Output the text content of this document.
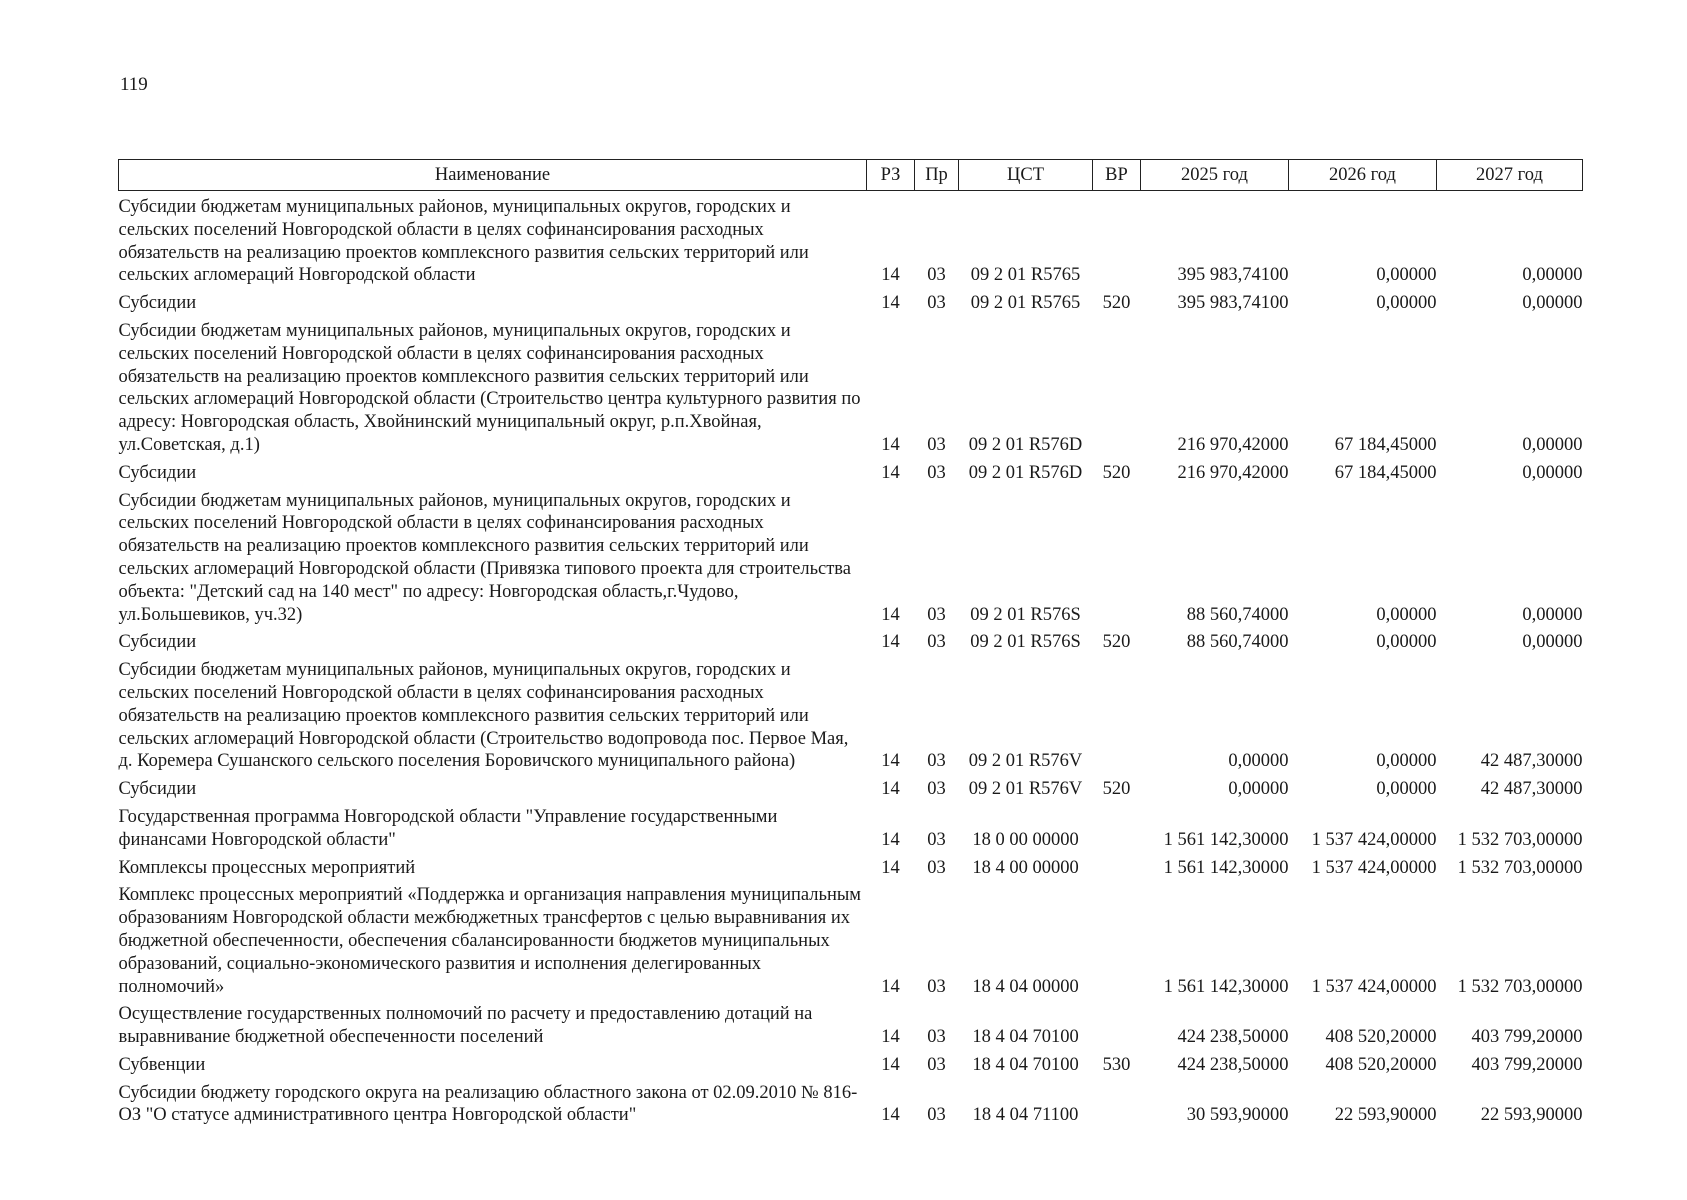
119
Наименование	РЗ	Пр	ЦСТ	ВР	2025 год	2026 год	2027 год
Субсидии бюджетам муниципальных районов, муниципальных округов, городских и сельских поселений Новгородской области в целях софинансирования расходных обязательств на реализацию проектов комплексного развития сельских территорий или сельских агломераций Новгородской области	14	03	09 2 01 R5765		395 983,74100	0,00000	0,00000
Субсидии	14	03	09 2 01 R5765	520	395 983,74100	0,00000	0,00000
Субсидии бюджетам муниципальных районов, муниципальных округов, городских и сельских поселений Новгородской области в целях софинансирования расходных обязательств на реализацию проектов комплексного развития сельских территорий или сельских агломераций Новгородской области (Строительство центра культурного развития по адресу: Новгородская область, Хвойнинский муниципальный округ, р.п.Хвойная, ул.Советская, д.1)	14	03	09 2 01 R576D		216 970,42000	67 184,45000	0,00000
Субсидии	14	03	09 2 01 R576D	520	216 970,42000	67 184,45000	0,00000
Субсидии бюджетам муниципальных районов, муниципальных округов, городских и сельских поселений Новгородской области в целях софинансирования расходных обязательств на реализацию проектов комплексного развития сельских территорий или сельских агломераций Новгородской области (Привязка типового проекта для строительства объекта: "Детский сад на 140 мест" по адресу: Новгородская область,г.Чудово, ул.Большевиков, уч.32)	14	03	09 2 01 R576S		88 560,74000	0,00000	0,00000
Субсидии	14	03	09 2 01 R576S	520	88 560,74000	0,00000	0,00000
Субсидии бюджетам муниципальных районов, муниципальных округов, городских и сельских поселений Новгородской области в целях софинансирования расходных обязательств на реализацию проектов комплексного развития сельских территорий или сельских агломераций Новгородской области (Строительство водопровода пос. Первое Мая, д. Коремера Сушанского сельского поселения Боровичского муниципального района)	14	03	09 2 01 R576V		0,00000	0,00000	42 487,30000
Субсидии	14	03	09 2 01 R576V	520	0,00000	0,00000	42 487,30000
Государственная программа Новгородской области "Управление государственными финансами Новгородской области"	14	03	18 0 00 00000		1 561 142,30000	1 537 424,00000	1 532 703,00000
Комплексы процессных мероприятий	14	03	18 4 00 00000		1 561 142,30000	1 537 424,00000	1 532 703,00000
Комплекс процессных мероприятий «Поддержка и организация направления муниципальным образованиям Новгородской области межбюджетных трансфертов с целью выравнивания их бюджетной обеспеченности, обеспечения сбалансированности бюджетов муниципальных образований, социально-экономического развития и исполнения делегированных полномочий»	14	03	18 4 04 00000		1 561 142,30000	1 537 424,00000	1 532 703,00000
Осуществление государственных полномочий по расчету и предоставлению дотаций на выравнивание бюджетной обеспеченности поселений	14	03	18 4 04 70100		424 238,50000	408 520,20000	403 799,20000
Субвенции	14	03	18 4 04 70100	530	424 238,50000	408 520,20000	403 799,20000
Субсидии бюджету городского округа на реализацию областного закона от 02.09.2010 № 816-ОЗ "О статусе административного центра Новгородской области"	14	03	18 4 04 71100		30 593,90000	22 593,90000	22 593,90000
